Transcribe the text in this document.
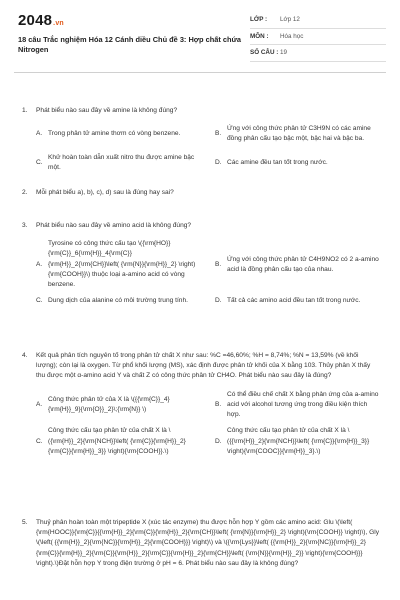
2048.vn
18 câu Trắc nghiệm Hóa 12 Cánh diều Chủ đề 3: Hợp chất chứa Nitrogen
LỚP :	Lớp 12
MÔN :	Hóa học
SỐ CÂU : 19
1.	Phát biểu nào sau đây về amine là không đúng?
A. Trong phân tử amine thơm có vòng benzene.	B.
Ứng với công thức phân tử C3H9N có các amine đồng phân cấu tạo bậc một, bậc hai và bậc ba.
C.
Khử hoàn toàn dẫn xuất nitro thu được amine bậc một.
D. Các amine đều tan tốt trong nước.
2.	Mỗi phát biểu a), b), c), d) sau là đúng hay sai?
3.	Phát biểu nào sau đây về amino acid là không đúng?
A.
Tyrosine có công thức cấu tạo \({\rm{HO}}{\rm{C}}_6{\rm{H}}_4{\rm{C}}{\rm{H}}_2{\rm{CH}}\left( {\rm{N}}{\rm{H}}_2} \right){\rm{COOH}}\) thuộc loại a-amino acid có vòng benzene.
B.
Ứng với công thức phân tử C4H9NO2 có 2 a-amino acid là đồng phân cấu tạo của nhau.
C. Dung dịch của alanine có môi trường trung tính.	D. Tất cả các amino acid đều tan tốt trong nước.
4.	Kết quả phân tích nguyên tố trong phân tử chất X như sau: %C =46,60%; %H = 8,74%; %N = 13,59% (về khối lượng); còn lại là oxygen. Từ phổ khối lượng (MS), xác định được phân tử khối của X bằng 103. Thủy phân X thấy thu được một α-amino acid Y và chất Z có công thức phân tử CH4O. Phát biểu nào sau đây là đúng?
A.
Công thức phân tử của X là \({{\rm{C}}_4}{\rm{H}}_9}{\rm{O}}_2}\;{\rm{N}} \)
B.
Có thể điều chế chất X bằng phản ứng của a-amino acid với alcohol tương ứng trong điều kiện thích hợp.
C.
Công thức cấu tạo phân tử của chất X là \({\rm{H}}_2}{\rm{NCH}}\left( {\rm{C}}{\rm{H}}_2}{\rm{C}}{\rm{H}}_3}} \right){\rm{COOH}}.\)
D.
Công thức cấu tạo phân tử của chất X là \({{\rm{H}}_2}{\rm{NCH}}\left( {\rm{C}}{\rm{H}}_3}} \right){\rm{COOC}}{\rm{H}}_3}.\)
5.	Thuỷ phân hoàn toàn một tripeptide X (xúc tác enzyme) thu được hỗn hợp Y gồm các amino acid: Glu \(\left( {\rm{HOOC}}{\rm{C}}{{\rm{H}}_2}{\rm{C}}{\rm{H}}_2}{\rm{CH}}\left( {\rm{N}}{\rm{H}}_2} \right){\rm{COOH}} \right)\), Gly \(\left( {{\rm{H}}_2}{\rm{NC}}{\rm{H}}_2}{\rm{COOH}}} \right)\) và \({\rm{Lys}}\left( {{\rm{H}}_2}{\rm{NC}}{\rm{H}}_2}{\rm{C}}{\rm{H}}_2}{\rm{C}}{\rm{H}}_2}{\rm{C}}{\rm{H}}_2}{\rm{CH}}\left( {\rm{N}}{\rm{H}}_2}} \right){\rm{COOH}}} \right).\)Đặt hỗn hợp Y trong điện trường ở pH = 6. Phát biểu nào sau đây là không đúng?
